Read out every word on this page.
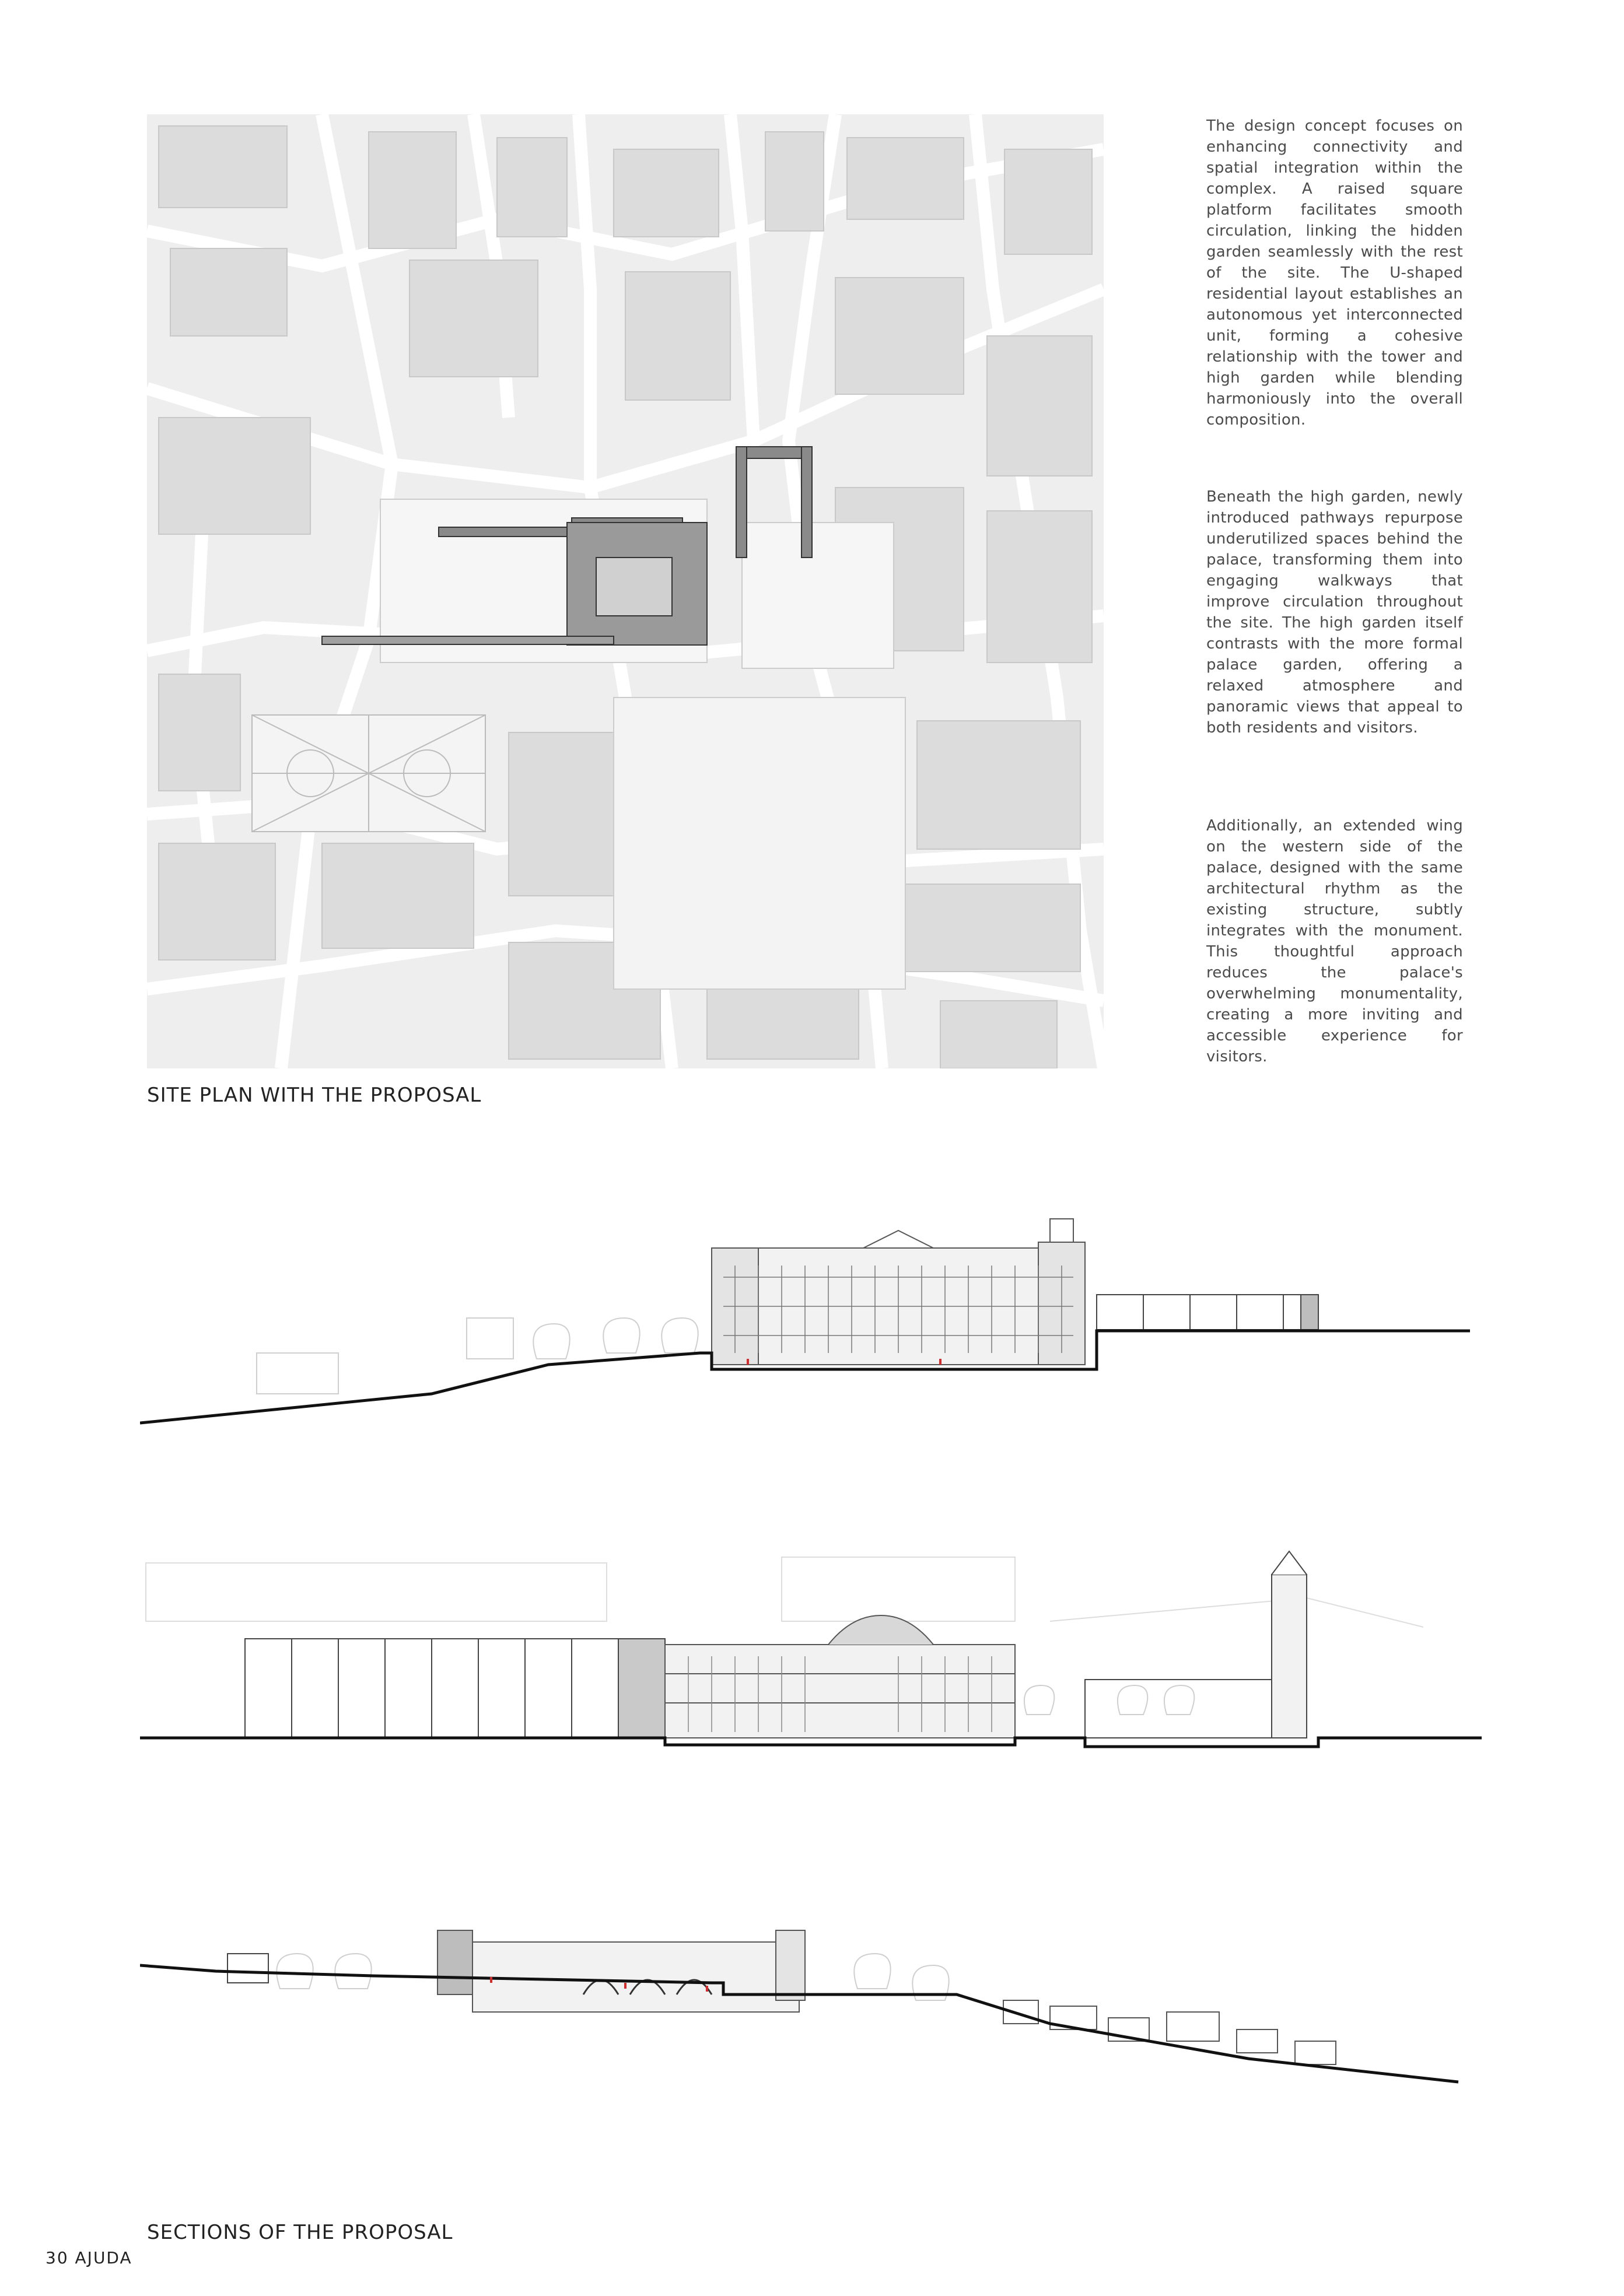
The design concept focuses on enhancing connectivity and spatial integration within the complex. A raised square platform facilitates smooth circulation, linking the hidden garden seamlessly with the rest of the site. The U-shaped residential layout establishes an autonomous yet interconnected unit, forming a cohesive relationship with the tower and high garden while blending harmoniously into the overall composition.
Beneath the high garden, newly introduced pathways repurpose underutilized spaces behind the palace, transforming them into engaging walkways that improve circulation throughout the site. The high garden itself contrasts with the more formal palace garden, offering a relaxed atmosphere and panoramic views that appeal to both residents and visitors.
Additionally, an extended wing on the western side of the palace, designed with the same architectural rhythm as the existing structure, subtly integrates with the monument. This thoughtful approach reduces the palace's overwhelming monumentality, creating a more inviting and accessible experience for visitors.
SITE PLAN WITH THE PROPOSAL
SECTIONS OF THE PROPOSAL
30 AJUDA
